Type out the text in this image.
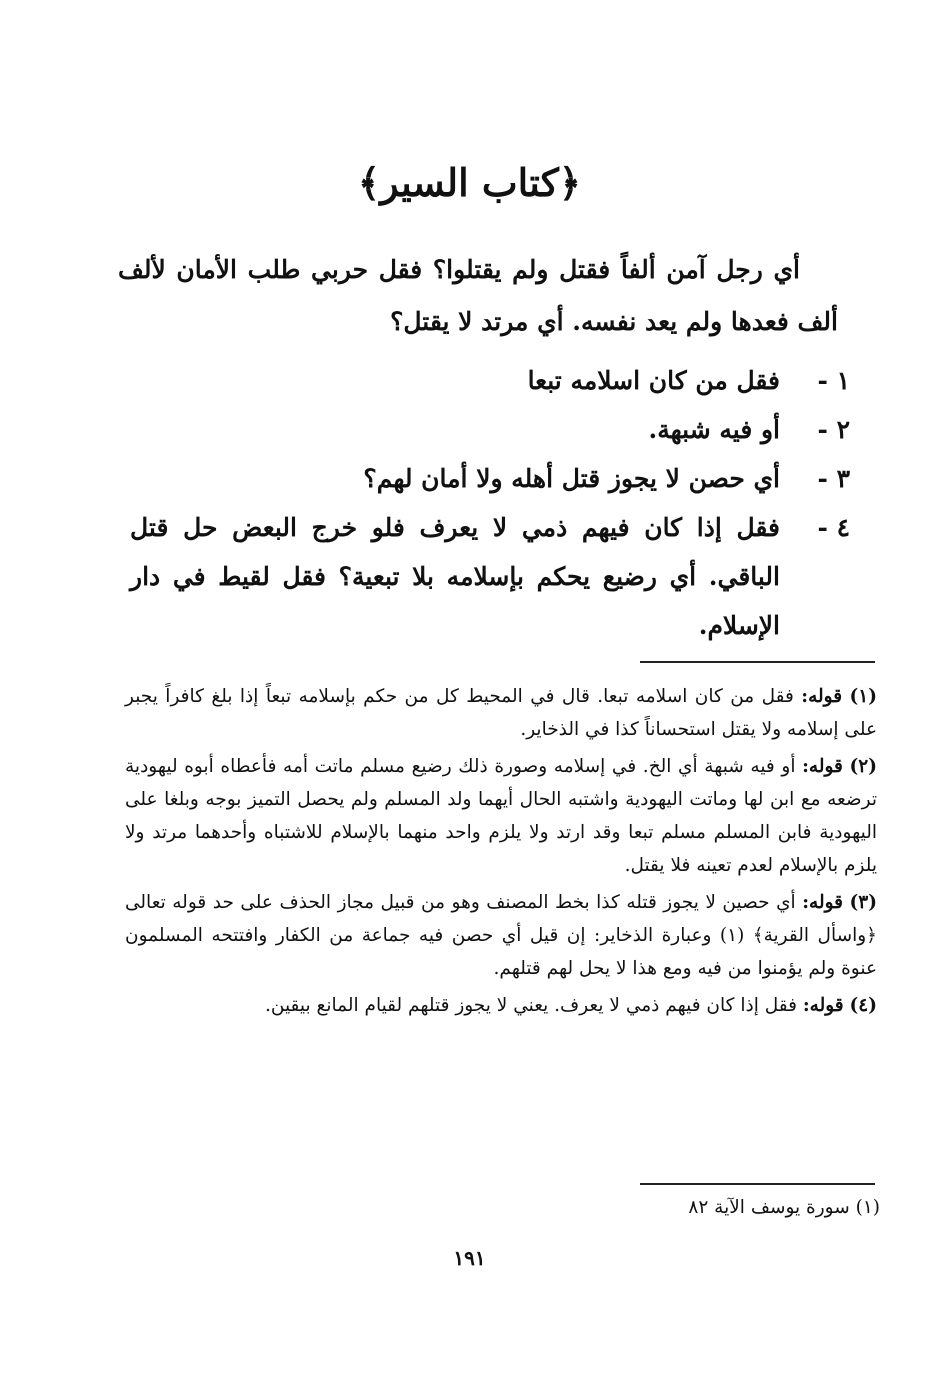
﴿كتاب السير﴾
أي رجل آمن ألفاً فقتل ولم يقتلوا؟ فقل حربي طلب الأمان لألف ألف فعدها ولم يعد نفسه. أي مرتد لا يقتل؟
١ -
فقل من كان اسلامه تبعا
٢ -
أو فيه شبهة.
٣ -
أي حصن لا يجوز قتل أهله ولا أمان لهم؟
٤ -
فقل إذا كان فيهم ذمي لا يعرف فلو خرج البعض حل قتل الباقي. أي رضيع يحكم بإسلامه بلا تبعية؟ فقل لقيط في دار الإسلام.

(١) قوله: فقل من كان اسلامه تبعا. قال في المحيط كل من حكم بإسلامه تبعاً إذا بلغ كافراً يجبر على إسلامه ولا يقتل استحساناً كذا في الذخاير.

(٢) قوله: أو فيه شبهة أي الخ. في إسلامه وصورة ذلك رضيع مسلم ماتت أمه فأعطاه أبوه ليهودية ترضعه مع ابن لها وماتت اليهودية واشتبه الحال أيهما ولد المسلم ولم يحصل التميز بوجه وبلغا على اليهودية فابن المسلم مسلم تبعا وقد ارتد ولا يلزم واحد منهما بالإسلام للاشتباه وأحدهما مرتد ولا يلزم بالإسلام لعدم تعينه فلا يقتل.

(٣) قوله: أي حصين لا يجوز قتله كذا بخط المصنف وهو من قبيل مجاز الحذف على حد قوله تعالى ﴿واسأل القرية﴾ (١) وعبارة الذخاير: إن قيل أي حصن فيه جماعة من الكفار وافتتحه المسلمون عنوة ولم يؤمنوا من فيه ومع هذا لا يحل لهم قتلهم.

(٤) قوله: فقل إذا كان فيهم ذمي لا يعرف. يعني لا يجوز قتلهم لقيام المانع بيقين.

(١) سورة يوسف الآية ٨٢
١٩١
